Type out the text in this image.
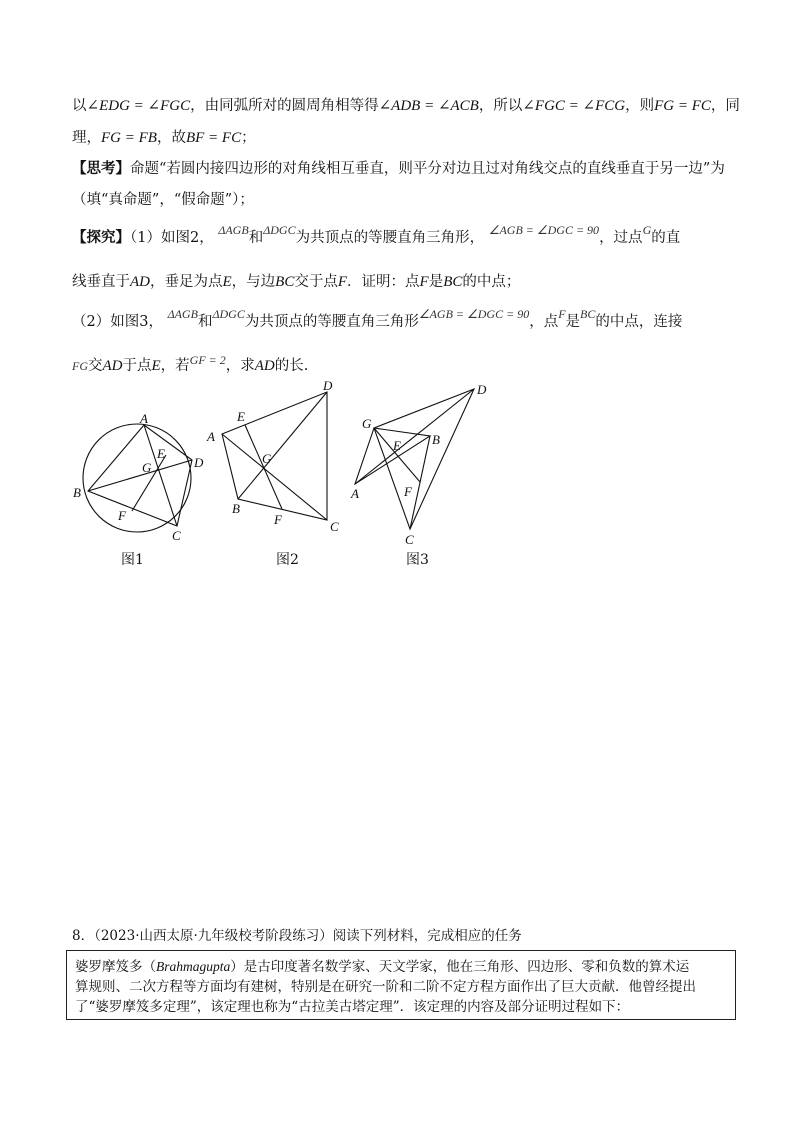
以∠EDG = ∠FGC，由同弧所对的圆周角相等得∠ADB = ∠ACB，所以∠FGC = ∠FCG，则FG = FC，同
理，FG = FB，故BF = FC；
【思考】命题“若圆内接四边形的对角线相互垂直，则平分对边且过对角线交点的直线垂直于另一边”为
（填“真命题”，“假命题”）；
【探究】（1）如图2， $^{\Delta AGB}$和$^{\Delta DGC}$为共顶点的等腰直角三角形， $^{\angle AGB = \angle DGC = 90}$，过点$^G$的直
线垂直于AD，垂足为点E，与边BC交于点F．证明：点F是BC的中点；
（2）如图3， $^{\Delta AGB}$和$^{\Delta DGC}$为共顶点的等腰直角三角形$^{\angle AGB = \angle DGC = 90}$，点$^F$是$^{BC}$的中点，连接
FG交AD于点E，若$^{GF = 2}$，求AD的长.
A
B
C
D
E
F
G
A
B
C
D
E
F
G
A
B
C
D
E
F
G
图1	图2	图3
8．（2023·山西太原·九年级校考阶段练习）阅读下列材料，完成相应的任务
婆罗摩笈多（Brahmagupta）是古印度著名数学家、天文学家，他在三角形、四边形、零和负数的算术运
算规则、二次方程等方面均有建树，特别是在研究一阶和二阶不定方程方面作出了巨大贡献．他曾经提出
了“婆罗摩笈多定理”，该定理也称为“古拉美古塔定理”．该定理的内容及部分证明过程如下：
